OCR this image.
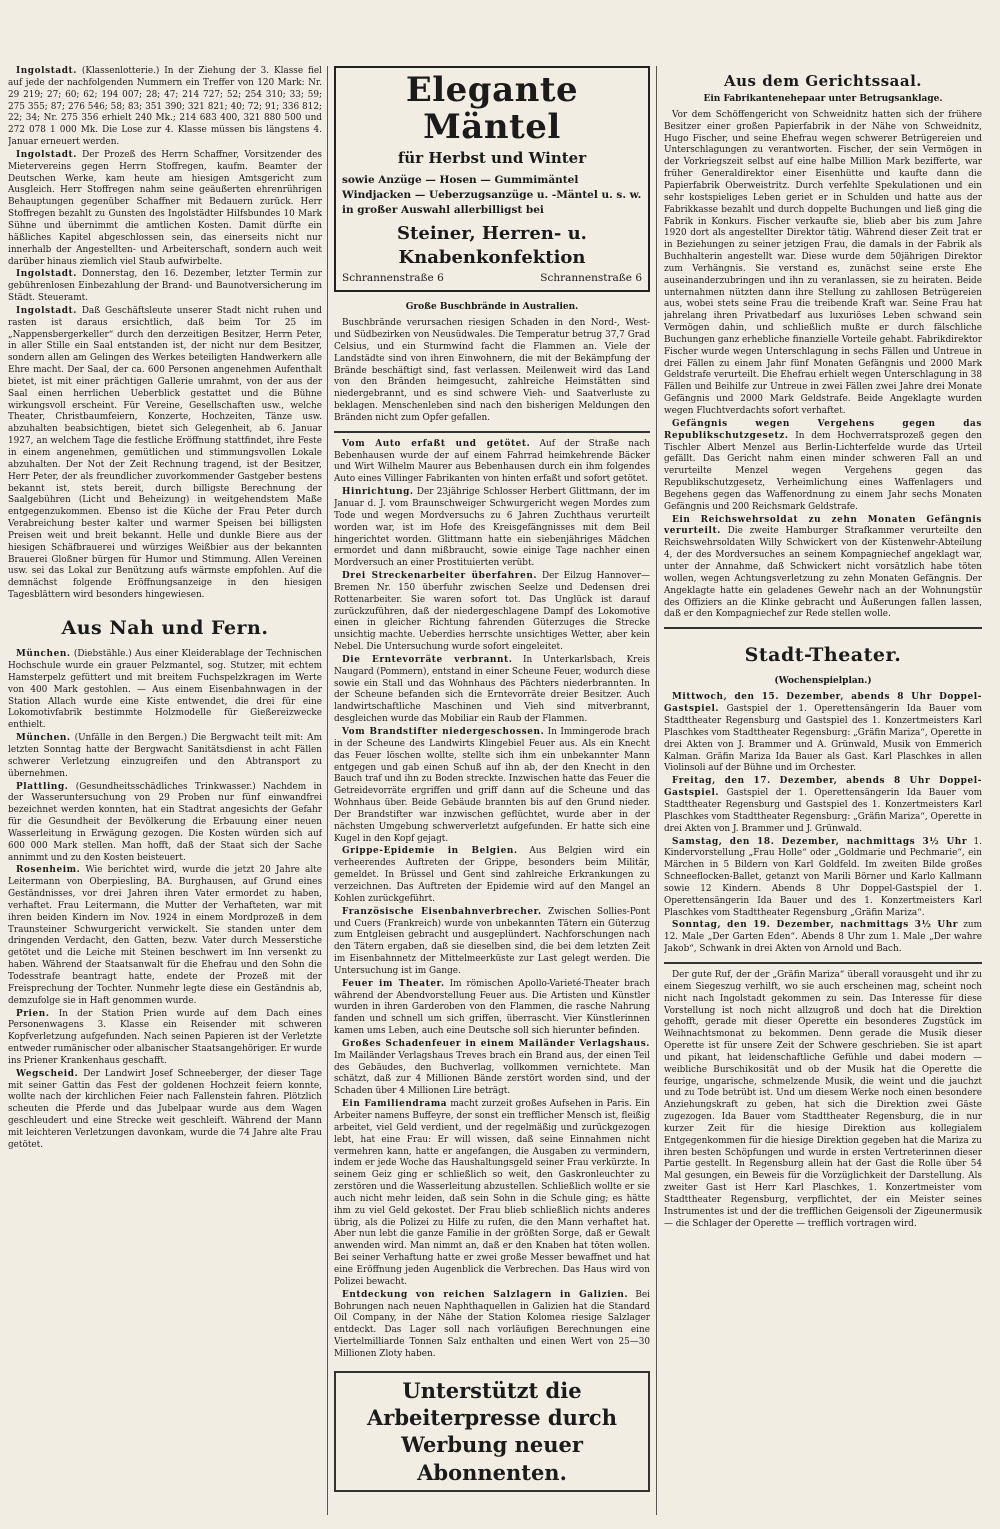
Ingolstadt. (Klassenlotterie.) In der Ziehung der 3. Klasse fiel auf jede der nachfolgenden Nummern ein Treffer von 120 Mark: Nr. 29 219; 27; 60; 62; 194 007; 28; 47; 214 727; 52; 254 310; 33; 59; 275 355; 87; 276 546; 58; 83; 351 390; 321 821; 40; 72; 91; 336 812; 22; 34; Nr. 275 356 erhielt 240 Mk.; 214 683 400, 321 880 500 und 272 078 1 000 Mk. Die Lose zur 4. Klasse müssen bis längstens 4. Januar erneuert werden.

Ingolstadt. Der Prozeß des Herrn Schaffner, Vorsitzender des Mietervereins gegen Herrn Stoffregen, kaufm. Beamter der Deutschen Werke, kam heute am hiesigen Amtsgericht zum Ausgleich. Herr Stoffregen nahm seine geäußerten ehrenrührigen Behauptungen gegenüber Schaffner mit Bedauern zurück. Herr Stoffregen bezahlt zu Gunsten des Ingolstädter Hilfsbundes 10 Mark Sühne und übernimmt die amtlichen Kosten. Damit dürfte ein häßliches Kapitel abgeschlossen sein, das einerseits nicht nur innerhalb der Angestellten- und Arbeiterschaft, sondern auch weit darüber hinaus ziemlich viel Staub aufwirbelte.

Ingolstadt. Donnerstag, den 16. Dezember, letzter Termin zur gebührenlosen Einbezahlung der Brand- und Baunotversicherung im Städt. Steueramt.

Ingolstadt. Daß Geschäftsleute unserer Stadt nicht ruhen und rasten ist daraus ersichtlich, daß beim Tor 25 im „Nappensbergerkeller“ durch den derzeitigen Besitzer, Herrn Peter, in aller Stille ein Saal entstanden ist, der nicht nur dem Besitzer, sondern allen am Gelingen des Werkes beteiligten Handwerkern alle Ehre macht. Der Saal, der ca. 600 Personen angenehmen Aufenthalt bietet, ist mit einer prächtigen Gallerie umrahmt, von der aus der Saal einen herrlichen Ueberblick gestattet und die Bühne wirkungsvoll erscheint. Für Vereine, Gesellschaften usw., welche Theater, Christbaumfeiern, Konzerte, Hochzeiten, Tänze usw. abzuhalten beabsichtigen, bietet sich Gelegenheit, ab 6. Januar 1927, an welchem Tage die festliche Eröffnung stattfindet, ihre Feste in einem angenehmen, gemütlichen und stimmungsvollen Lokale abzuhalten. Der Not der Zeit Rechnung tragend, ist der Besitzer, Herr Peter, der als freundlicher zuvorkommender Gastgeber bestens bekannt ist, stets bereit, durch billigste Berechnung der Saalgebühren (Licht und Beheizung) in weitgehendstem Maße entgegenzukommen. Ebenso ist die Küche der Frau Peter durch Verabreichung bester kalter und warmer Speisen bei billigsten Preisen weit und breit bekannt. Helle und dunkle Biere aus der hiesigen Schäfbrauerei und würziges Weißbier aus der bekannten Brauerei Gloßner bürgen für Humor und Stimmung. Allen Vereinen usw. sei das Lokal zur Benützung aufs wärmste empfohlen. Auf die demnächst folgende Eröffnungsanzeige in den hiesigen Tagesblättern wird besonders hingewiesen.

Aus Nah und Fern.

München. (Diebstähle.) Aus einer Kleiderablage der Technischen Hochschule wurde ein grauer Pelzmantel, sog. Stutzer, mit echtem Hamsterpelz gefüttert und mit breitem Fuchspelzkragen im Werte von 400 Mark gestohlen. — Aus einem Eisenbahnwagen in der Station Allach wurde eine Kiste entwendet, die drei für eine Lokomotivfabrik bestimmte Holzmodelle für Gießereizwecke enthielt.

München. (Unfälle in den Bergen.) Die Bergwacht teilt mit: Am letzten Sonntag hatte der Bergwacht Sanitätsdienst in acht Fällen schwerer Verletzung einzugreifen und den Abtransport zu übernehmen.

Plattling. (Gesundheitsschädliches Trinkwasser.) Nachdem in der Wasseruntersuchung von 29 Proben nur fünf einwandfrei bezeichnet werden konnten, hat ein Stadtrat angesichts der Gefahr für die Gesundheit der Bevölkerung die Erbauung einer neuen Wasserleitung in Erwägung gezogen. Die Kosten würden sich auf 600 000 Mark stellen. Man hofft, daß der Staat sich der Sache annimmt und zu den Kosten beisteuert.

Rosenheim. Wie berichtet wird, wurde die jetzt 20 Jahre alte Leitermann von Oberpiesling, BA. Burghausen, auf Grund eines Geständnisses, vor drei Jahren ihren Vater ermordet zu haben, verhaftet. Frau Leitermann, die Mutter der Verhafteten, war mit ihren beiden Kindern im Nov. 1924 in einem Mordprozeß in dem Traunsteiner Schwurgericht verwickelt. Sie standen unter dem dringenden Verdacht, den Gatten, bezw. Vater durch Messerstiche getötet und die Leiche mit Steinen beschwert im Inn versenkt zu haben. Während der Staatsanwalt für die Ehefrau und den Sohn die Todesstrafe beantragt hatte, endete der Prozeß mit der Freisprechung der Tochter. Nunmehr legte diese ein Geständnis ab, demzufolge sie in Haft genommen wurde.

Prien. In der Station Prien wurde auf dem Dach eines Personenwagens 3. Klasse ein Reisender mit schweren Kopfverletzung aufgefunden. Nach seinen Papieren ist der Verletzte entweder rumänischer oder albanischer Staatsangehöriger. Er wurde ins Priener Krankenhaus geschafft.

Wegscheid. Der Landwirt Josef Schneeberger, der dieser Tage mit seiner Gattin das Fest der goldenen Hochzeit feiern konnte, wollte nach der kirchlichen Feier nach Fallenstein fahren. Plötzlich scheuten die Pferde und das Jubelpaar wurde aus dem Wagen geschleudert und eine Strecke weit geschleift. Während der Mann mit leichteren Verletzungen davonkam, wurde die 74 Jahre alte Frau getötet.

Elegante Mäntel
für Herbst und Winter
sowie Anzüge — Hosen — Gummimäntel Windjacken — Ueberzugsanzüge u. -Mäntel u. s. w. in großer Auswahl allerbilligst bei
Steiner, Herren- u. Knabenkonfektion
Schrannenstraße 6	Schrannenstraße 6
Große Buschbrände in Australien.

Buschbrände verursachen riesigen Schaden in den Nord-, West- und Südbezirken von Neusüdwales. Die Temperatur betrug 37,7 Grad Celsius, und ein Sturmwind facht die Flammen an. Viele der Landstädte sind von ihren Einwohnern, die mit der Bekämpfung der Brände beschäftigt sind, fast verlassen. Meilenweit wird das Land von den Bränden heimgesucht, zahlreiche Heimstätten sind niedergebrannt, und es sind schwere Vieh- und Saatverluste zu beklagen. Menschenleben sind nach den bisherigen Meldungen den Bränden nicht zum Opfer gefallen.

Vom Auto erfaßt und getötet. Auf der Straße nach Bebenhausen wurde der auf einem Fahrrad heimkehrende Bäcker und Wirt Wilhelm Maurer aus Bebenhausen durch ein ihm folgendes Auto eines Villinger Fabrikanten von hinten erfaßt und sofort getötet.

Hinrichtung. Der 23jährige Schlosser Herbert Glittmann, der im Januar d. J. vom Braunschweiger Schwurgericht wegen Mordes zum Tode und wegen Mordversuchs zu 6 Jahren Zuchthaus verurteilt worden war, ist im Hofe des Kreisgefängnisses mit dem Beil hingerichtet worden. Glittmann hatte ein siebenjähriges Mädchen ermordet und dann mißbraucht, sowie einige Tage nachher einen Mordversuch an einer Prostituierten verübt.

Drei Streckenarbeiter überfahren. Der Eilzug Hannover—Bremen Nr. 150 überfuhr zwischen Seelze und Dedensen drei Rottenarbeiter. Sie waren sofort tot. Das Unglück ist darauf zurückzuführen, daß der niedergeschlagene Dampf des Lokomotive einen in gleicher Richtung fahrenden Güterzuges die Strecke unsichtig machte. Ueberdies herrschte unsichtiges Wetter, aber kein Nebel. Die Untersuchung wurde sofort eingeleitet.

Die Erntevorräte verbrannt. In Unterkarlsbach, Kreis Naugard (Pommern), entstand in einer Scheune Feuer, wodurch diese sowie ein Stall und das Wohnhaus des Pächters niederbrannten. In der Scheune befanden sich die Erntevorräte dreier Besitzer. Auch landwirtschaftliche Maschinen und Vieh sind mitverbrannt, desgleichen wurde das Mobiliar ein Raub der Flammen.

Vom Brandstifter niedergeschossen. In Immingerode brach in der Scheune des Landwirts Klingebiel Feuer aus. Als ein Knecht das Feuer löschen wollte, stellte sich ihm ein unbekannter Mann entgegen und gab einen Schuß auf ihn ab, der den Knecht in den Bauch traf und ihn zu Boden streckte. Inzwischen hatte das Feuer die Getreidevorräte ergriffen und griff dann auf die Scheune und das Wohnhaus über. Beide Gebäude brannten bis auf den Grund nieder. Der Brandstifter war inzwischen geflüchtet, wurde aber in der nächsten Umgebung schwerverletzt aufgefunden. Er hatte sich eine Kugel in den Kopf gejagt.

Grippe-Epidemie in Belgien. Aus Belgien wird ein verheerendes Auftreten der Grippe, besonders beim Militär, gemeldet. In Brüssel und Gent sind zahlreiche Erkrankungen zu verzeichnen. Das Auftreten der Epidemie wird auf den Mangel an Kohlen zurückgeführt.

Französische Eisenbahnverbrecher. Zwischen Sollies-Pont und Cuers (Frankreich) wurde von unbekannten Tätern ein Güterzug zum Entgleisen gebracht und ausgeplündert. Nachforschungen nach den Tätern ergaben, daß sie dieselben sind, die bei dem letzten Zeit im Eisenbahnnetz der Mittelmeerküste zur Last gelegt werden. Die Untersuchung ist im Gange.

Feuer im Theater. Im römischen Apollo-Varieté-Theater brach während der Abendvorstellung Feuer aus. Die Artisten und Künstler wurden in ihren Garderoben von den Flammen, die rasche Nahrung fanden und schnell um sich griffen, überrascht. Vier Künstlerinnen kamen ums Leben, auch eine Deutsche soll sich hierunter befinden.

Großes Schadenfeuer in einem Mailänder Verlagshaus. Im Mailänder Verlagshaus Treves brach ein Brand aus, der einen Teil des Gebäudes, den Buchverlag, vollkommen vernichtete. Man schätzt, daß zur 4 Millionen Bände zerstört worden sind, und der Schaden über 4 Millionen Lire beträgt.

Ein Familiendrama macht zurzeit großes Aufsehen in Paris. Ein Arbeiter namens Buffeyre, der sonst ein trefflicher Mensch ist, fleißig arbeitet, viel Geld verdient, und der regelmäßig und zurückgezogen lebt, hat eine Frau: Er will wissen, daß seine Einnahmen nicht vermehren kann, hatte er angefangen, die Ausgaben zu vermindern, indem er jede Woche das Haushaltungsgeld seiner Frau verkürzte. In seinem Geiz ging er schließlich so weit, den Gaskronleuchter zu zerstören und die Wasserleitung abzustellen. Schließlich wollte er sie auch nicht mehr leiden, daß sein Sohn in die Schule ging; es hätte ihm zu viel Geld gekostet. Der Frau blieb schließlich nichts anderes übrig, als die Polizei zu Hilfe zu rufen, die den Mann verhaftet hat. Aber nun lebt die ganze Familie in der größten Sorge, daß er Gewalt anwenden wird. Man nimmt an, daß er den Knaben hat töten wollen. Bei seiner Verhaftung hatte er zwei große Messer bewaffnet und hat eine Eröffnung jeden Augenblick die Verbrechen. Das Haus wird von Polizei bewacht.

Entdeckung von reichen Salzlagern in Galizien. Bei Bohrungen nach neuen Naphthaquellen in Galizien hat die Standard Oil Company, in der Nähe der Station Kolomea riesige Salzlager entdeckt. Das Lager soll nach vorläufigen Berechnungen eine Viertelmilliarde Tonnen Salz enthalten und einen Wert von 25—30 Millionen Zloty haben.

Unterstützt die Arbeiterpresse durch
Werbung neuer Abonnenten.
Aus dem Gerichtssaal.
Ein Fabrikantenehepaar unter Betrugsanklage.

Vor dem Schöffengericht von Schweidnitz hatten sich der frühere Besitzer einer großen Papierfabrik in der Nähe von Schweidnitz, Hugo Fischer, und seine Ehefrau wegen schwerer Betrügereien und Unterschlagungen zu verantworten. Fischer, der sein Vermögen in der Vorkriegszeit selbst auf eine halbe Million Mark bezifferte, war früher Generaldirektor einer Eisenhütte und kaufte dann die Papierfabrik Oberweistritz. Durch verfehlte Spekulationen und ein sehr kostspieliges Leben geriet er in Schulden und hatte aus der Fabrikkasse bezahlt und durch doppelte Buchungen und ließ ging die Fabrik in Konkurs. Fischer verkaufte sie, blieb aber bis zum Jahre 1920 dort als angestellter Direktor tätig. Während dieser Zeit trat er in Beziehungen zu seiner jetzigen Frau, die damals in der Fabrik als Buchhalterin angestellt war. Diese wurde dem 50jährigen Direktor zum Verhängnis. Sie verstand es, zunächst seine erste Ehe auseinanderzubringen und ihn zu veranlassen, sie zu heiraten. Beide unternahmen nützten dann ihre Stellung zu zahllosen Betrügereien aus, wobei stets seine Frau die treibende Kraft war. Seine Frau hat jahrelang ihren Privatbedarf aus luxuriöses Leben schwand sein Vermögen dahin, und schließlich mußte er durch fälschliche Buchungen ganz erhebliche finanzielle Vorteile gehabt. Fabrikdirektor Fischer wurde wegen Unterschlagung in sechs Fällen und Untreue in drei Fällen zu einem Jahr fünf Monaten Gefängnis und 2000 Mark Geldstrafe verurteilt. Die Ehefrau erhielt wegen Unterschlagung in 38 Fällen und Beihilfe zur Untreue in zwei Fällen zwei Jahre drei Monate Gefängnis und 2000 Mark Geldstrafe. Beide Angeklagte wurden wegen Fluchtverdachts sofort verhaftet.

Gefängnis wegen Vergehens gegen das Republikschutzgesetz. In dem Hochverratsprozeß gegen den Tischler Albert Menzel aus Berlin-Lichterfelde wurde das Urteil gefällt. Das Gericht nahm einen minder schweren Fall an und verurteilte Menzel wegen Vergehens gegen das Republikschutzgesetz, Verheimlichung eines Waffenlagers und Begehens gegen das Waffenordnung zu einem Jahr sechs Monaten Gefängnis und 200 Reichsmark Geldstrafe.

Ein Reichswehrsoldat zu zehn Monaten Gefängnis verurteilt. Die zweite Hamburger Strafkammer verurteilte den Reichswehrsoldaten Willy Schwickert von der Küstenwehr-Abteilung 4, der des Mordversuches an seinem Kompagniechef angeklagt war, unter der Annahme, daß Schwickert nicht vorsätzlich habe töten wollen, wegen Achtungsverletzung zu zehn Monaten Gefängnis. Der Angeklagte hatte ein geladenes Gewehr nach an der Wohnungstür des Offiziers an die Klinke gebracht und Äußerungen fallen lassen, daß er den Kompagniechef zur Rede stellen wolle.

Stadt-Theater.
(Wochenspielplan.)

Mittwoch, den 15. Dezember, abends 8 Uhr Doppel-Gastspiel. Gastspiel der 1. Operettensängerin Ida Bauer vom Stadttheater Regensburg und Gastspiel des 1. Konzertmeisters Karl Plaschkes vom Stadttheater Regensburg: „Gräfin Mariza“, Operette in drei Akten von J. Brammer und A. Grünwald, Musik von Emmerich Kalman. Gräfin Mariza Ida Bauer als Gast. Karl Plaschkes in allen Violinsoli auf der Bühne und im Orchester.

Freitag, den 17. Dezember, abends 8 Uhr Doppel-Gastspiel. Gastspiel der 1. Operettensängerin Ida Bauer vom Stadttheater Regensburg und Gastspiel des 1. Konzertmeisters Karl Plaschkes vom Stadttheater Regensburg: „Gräfin Mariza“, Operette in drei Akten von J. Brammer und J. Grünwald.

Samstag, den 18. Dezember, nachmittags 3½ Uhr 1. Kindervorstellung „Frau Holle“ oder „Goldmarie und Pechmarie“, ein Märchen in 5 Bildern von Karl Goldfeld. Im zweiten Bilde großes Schneeflocken-Ballet, getanzt von Marili Börner und Karlo Kallmann sowie 12 Kindern. Abends 8 Uhr Doppel-Gastspiel der 1. Operettensängerin Ida Bauer und des 1. Konzertmeisters Karl Plaschkes vom Stadttheater Regensburg „Gräfin Mariza“.

Sonntag, den 19. Dezember, nachmittags 3½ Uhr zum 12. Male „Der Garten Eden“. Abends 8 Uhr zum 1. Male „Der wahre Jakob“, Schwank in drei Akten von Arnold und Bach.

Der gute Ruf, der der „Gräfin Mariza“ überall vorausgeht und ihr zu einem Siegeszug verhilft, wo sie auch erscheinen mag, scheint noch nicht nach Ingolstadt gekommen zu sein. Das Interesse für diese Vorstellung ist noch nicht allzugroß und doch hat die Direktion gehofft, gerade mit dieser Operette ein besonderes Zugstück im Weihnachtsmonat zu bekommen. Denn gerade die Musik dieser Operette ist für unsere Zeit der Schwere geschrieben. Sie ist apart und pikant, hat leidenschaftliche Gefühle und dabei modern — weibliche Burschikosität und ob der Musik hat die Operette die feurige, ungarische, schmelzende Musik, die weint und die jauchzt und zu Tode betrübt ist. Und um diesem Werke noch einen besondere Anziehungskraft zu geben, hat sich die Direktion zwei Gäste zugezogen. Ida Bauer vom Stadttheater Regensburg, die in nur kurzer Zeit für die hiesige Direktion aus kollegialem Entgegenkommen für die hiesige Direktion gegeben hat die Mariza zu ihren besten Schöpfungen und wurde in ersten Vertreterinnen dieser Partie gestellt. In Regensburg allein hat der Gast die Rolle über 54 Mal gesungen, ein Beweis für die Vorzüglichkeit der Darstellung. Als zweiter Gast ist Herr Karl Plaschkes, 1. Konzertmeister vom Stadttheater Regensburg, verpflichtet, der ein Meister seines Instrumentes ist und der die trefflichen Geigensoli der Zigeunermusik — die Schlager der Operette — trefflich vortragen wird.
